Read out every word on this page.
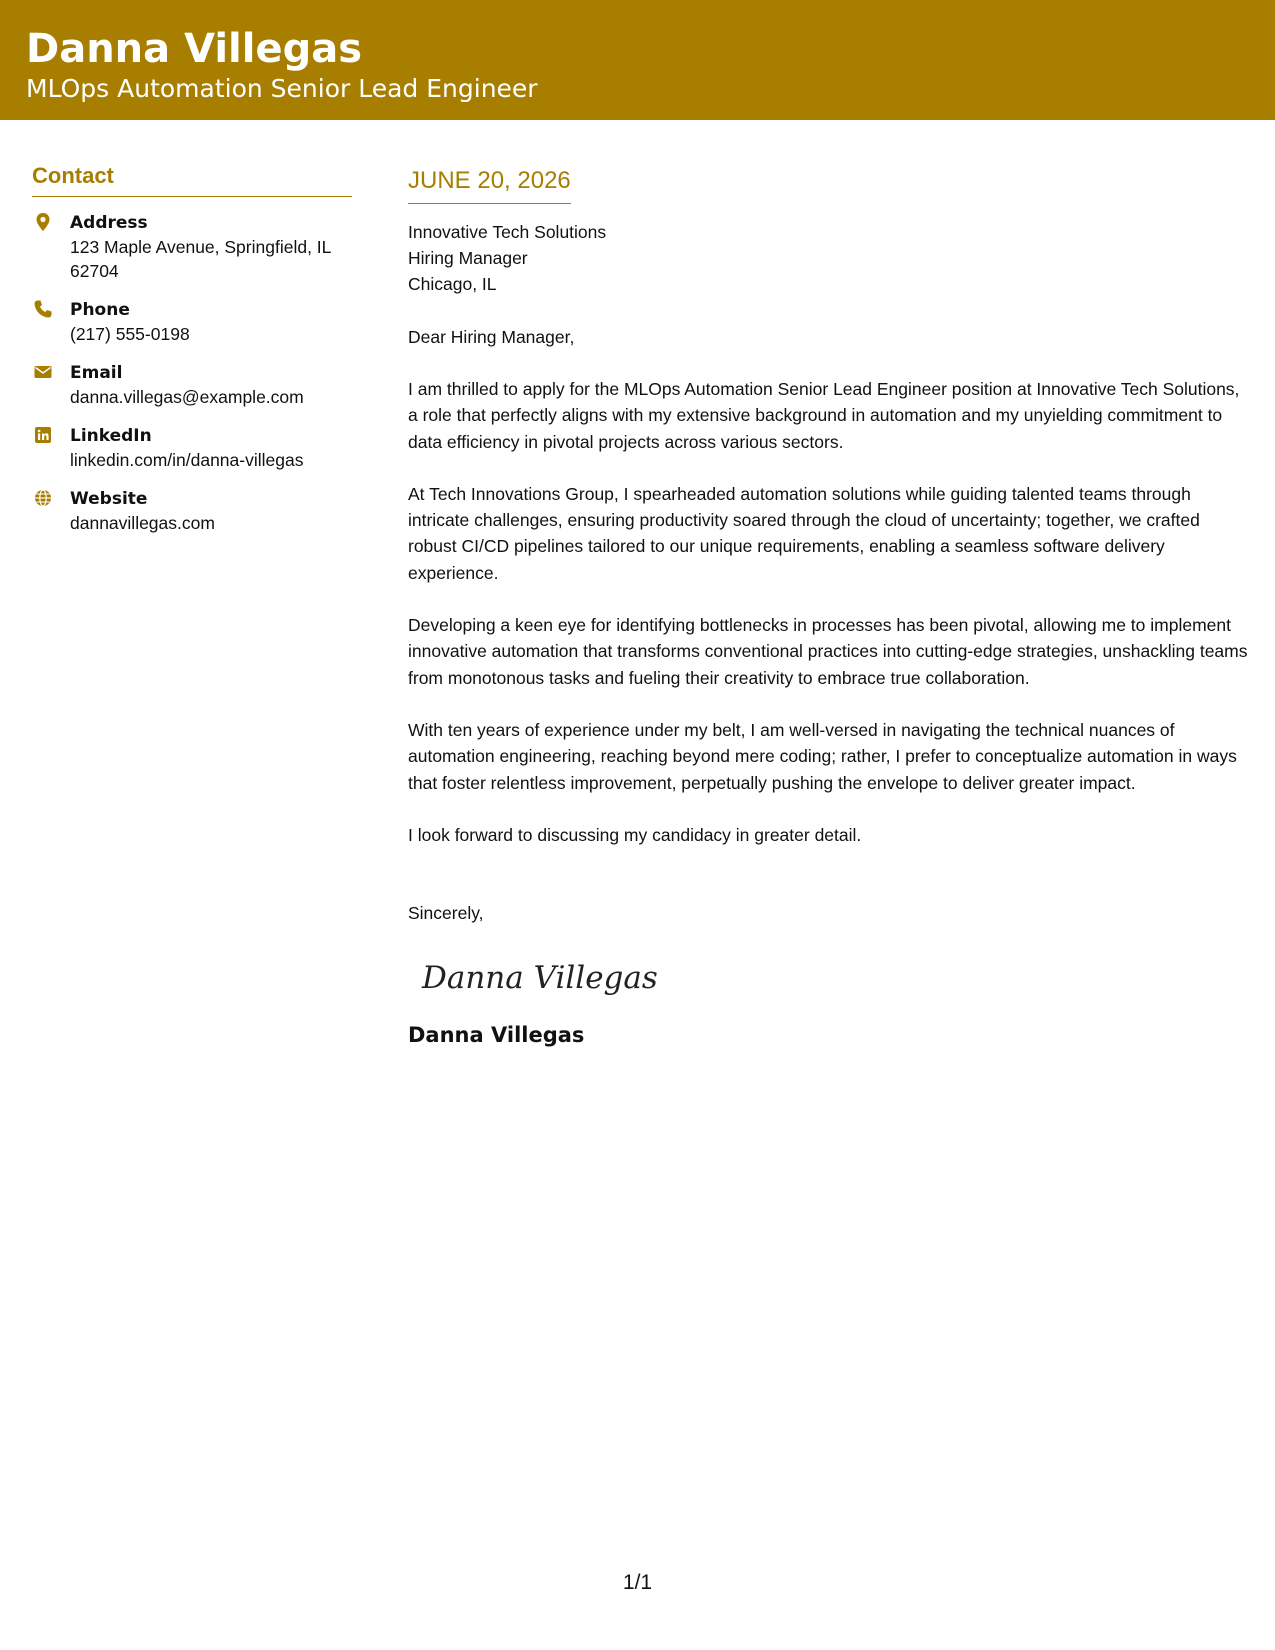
Danna Villegas
MLOps Automation Senior Lead Engineer
Contact
Address
123 Maple Avenue, Springfield, IL 62704
Phone
(217) 555-0198
Email
danna.villegas@example.com
LinkedIn
linkedin.com/in/danna-villegas
Website
dannavillegas.com
JUNE 20, 2026
Innovative Tech Solutions
Hiring Manager
Chicago, IL
Dear Hiring Manager,

I am thrilled to apply for the MLOps Automation Senior Lead Engineer position at Innovative Tech Solutions, a role that perfectly aligns with my extensive background in automation and my unyielding commitment to data efficiency in pivotal projects across various sectors.

At Tech Innovations Group, I spearheaded automation solutions while guiding talented teams through intricate challenges, ensuring productivity soared through the cloud of uncertainty; together, we crafted robust CI/CD pipelines tailored to our unique requirements, enabling a seamless software delivery experience.

Developing a keen eye for identifying bottlenecks in processes has been pivotal, allowing me to implement innovative automation that transforms conventional practices into cutting-edge strategies, unshackling teams from monotonous tasks and fueling their creativity to embrace true collaboration.

With ten years of experience under my belt, I am well-versed in navigating the technical nuances of automation engineering, reaching beyond mere coding; rather, I prefer to conceptualize automation in ways that foster relentless improvement, perpetually pushing the envelope to deliver greater impact.

I look forward to discussing my candidacy in greater detail.

Sincerely,
Danna Villegas
Danna Villegas
1/1
